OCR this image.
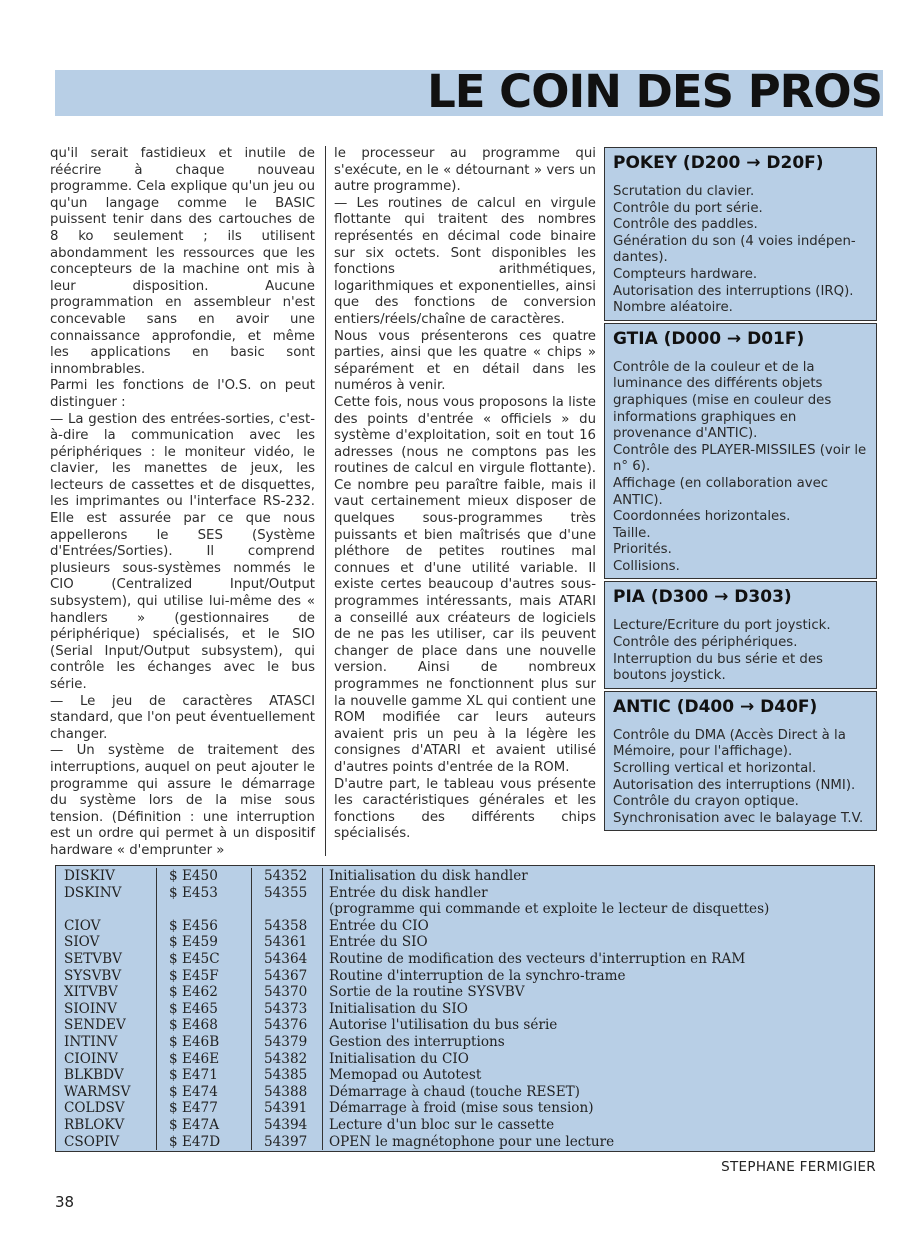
LE COIN DES PROS

qu'il serait fastidieux et inutile de réécrire à chaque nouveau programme. Cela explique qu'un jeu ou qu'un langage comme le BASIC puissent tenir dans des cartouches de 8 ko seulement ; ils utilisent abondamment les ressources que les concepteurs de la machine ont mis à leur disposition. Aucune programmation en assembleur n'est concevable sans en avoir une connaissance approfondie, et même les applications en basic sont innombrables.

Parmi les fonctions de l'O.S. on peut distinguer :

— La gestion des entrées-sorties, c'est-à-dire la communication avec les périphériques : le moniteur vidéo, le clavier, les manettes de jeux, les lecteurs de cassettes et de disquettes, les imprimantes ou l'interface RS-232. Elle est assurée par ce que nous appellerons le SES (Système d'Entrées/Sorties). Il comprend plusieurs sous-systèmes nommés le CIO (Centralized Input/Output subsystem), qui utilise lui-même des « handlers » (gestionnaires de périphérique) spécialisés, et le SIO (Serial Input/Output subsystem), qui contrôle les échanges avec le bus série.

— Le jeu de caractères ATASCI standard, que l'on peut éventuellement changer.

— Un système de traitement des interruptions, auquel on peut ajouter le programme qui assure le démarrage du système lors de la mise sous tension. (Définition : une interruption est un ordre qui permet à un dispositif hardware « d'emprunter »

le processeur au programme qui s'exécute, en le « détournant » vers un autre programme).

— Les routines de calcul en virgule flottante qui traitent des nombres représentés en décimal code binaire sur six octets. Sont disponibles les fonctions arithmétiques, logarithmiques et exponentielles, ainsi que des fonctions de conversion entiers/réels/chaîne de caractères.

Nous vous présenterons ces quatre parties, ainsi que les quatre « chips » séparément et en détail dans les numéros à venir.

Cette fois, nous vous proposons la liste des points d'entrée « officiels » du système d'exploitation, soit en tout 16 adresses (nous ne comptons pas les routines de calcul en virgule flottante). Ce nombre peu paraître faible, mais il vaut certainement mieux disposer de quelques sous-programmes très puissants et bien maîtrisés que d'une pléthore de petites routines mal connues et d'une utilité variable. Il existe certes beaucoup d'autres sous-programmes intéressants, mais ATARI a conseillé aux créateurs de logiciels de ne pas les utiliser, car ils peuvent changer de place dans une nouvelle version. Ainsi de nombreux programmes ne fonctionnent plus sur la nouvelle gamme XL qui contient une ROM modifiée car leurs auteurs avaient pris un peu à la légère les consignes d'ATARI et avaient utilisé d'autres points d'entrée de la ROM.

D'autre part, le tableau vous présente les caractéristiques générales et les fonctions des différents chips spécialisés.

POKEY (D200 → D20F)
Scrutation du clavier.
Contrôle du port série.
Contrôle des paddles.
Génération du son (4 voies indépen-dantes).
Compteurs hardware.
Autorisation des interruptions (IRQ).
Nombre aléatoire.
GTIA (D000 → D01F)
Contrôle de la couleur et de la luminance des différents objets graphiques (mise en couleur des informations graphiques en provenance d'ANTIC).
Contrôle des PLAYER-MISSILES (voir le n° 6).
Affichage (en collaboration avec ANTIC).
Coordonnées horizontales.
Taille.
Priorités.
Collisions.
PIA (D300 → D303)
Lecture/Ecriture du port joystick.
Contrôle des périphériques.
Interruption du bus série et des boutons joystick.
ANTIC (D400 → D40F)
Contrôle du DMA (Accès Direct à la Mémoire, pour l'affichage).
Scrolling vertical et horizontal.
Autorisation des interruptions (NMI).
Contrôle du crayon optique.
Synchronisation avec le balayage T.V.
DISKIV	$ E450	54352	Initialisation du disk handler
DSKINV	$ E453	54355	Entrée du disk handler
			(programme qui commande et exploite le lecteur de disquettes)
CIOV	$ E456	54358	Entrée du CIO
SIOV	$ E459	54361	Entrée du SIO
SETVBV	$ E45C	54364	Routine de modification des vecteurs d'interruption en RAM
SYSVBV	$ E45F	54367	Routine d'interruption de la synchro-trame
XITVBV	$ E462	54370	Sortie de la routine SYSVBV
SIOINV	$ E465	54373	Initialisation du SIO
SENDEV	$ E468	54376	Autorise l'utilisation du bus série
INTINV	$ E46B	54379	Gestion des interruptions
CIOINV	$ E46E	54382	Initialisation du CIO
BLKBDV	$ E471	54385	Memopad ou Autotest
WARMSV	$ E474	54388	Démarrage à chaud (touche RESET)
COLDSV	$ E477	54391	Démarrage à froid (mise sous tension)
RBLOKV	$ E47A	54394	Lecture d'un bloc sur le cassette
CSOPIV	$ E47D	54397	OPEN le magnétophone pour une lecture
STEPHANE FERMIGIER
38
